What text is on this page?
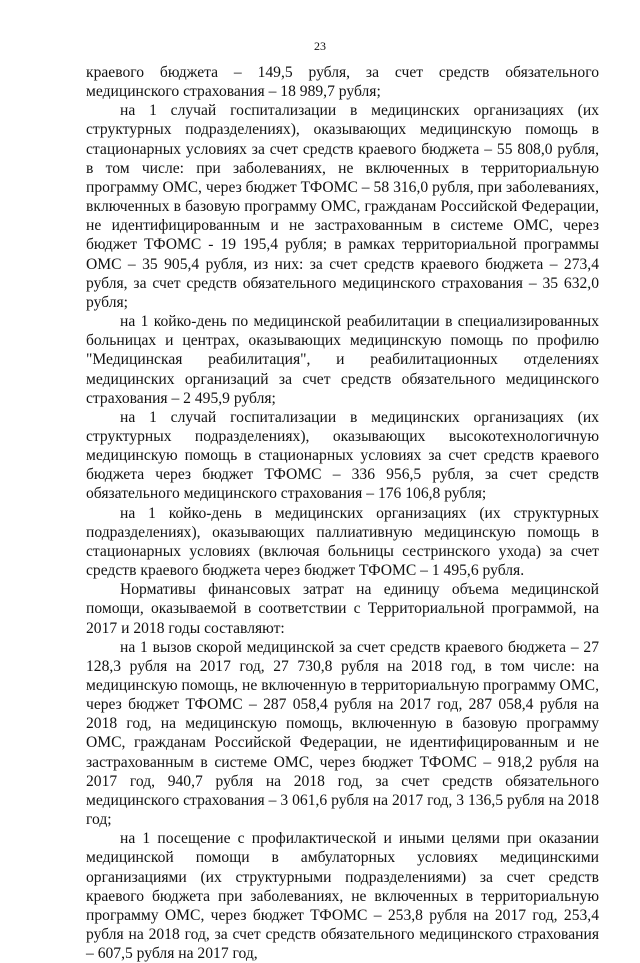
23

краевого бюджета – 149,5 рубля, за счет средств обязательного медицинского страхования – 18 989,7 рубля;

на 1 случай госпитализации в медицинских организациях (их структурных подразделениях), оказывающих медицинскую помощь в стационарных условиях за счет средств краевого бюджета – 55 808,0 рубля, в том числе: при заболеваниях, не включенных в территориальную программу ОМС, через бюджет ТФОМС – 58 316,0 рубля, при заболеваниях, включенных в базовую программу ОМС, гражданам Российской Федерации, не идентифицированным и не застрахованным в системе ОМС, через бюджет ТФОМС - 19 195,4 рубля; в рамках территориальной программы ОМС – 35 905,4 рубля, из них: за счет средств краевого бюджета – 273,4 рубля, за счет средств обязательного медицинского страхования – 35 632,0 рубля;

на 1 койко-день по медицинской реабилитации в специализированных больницах и центрах, оказывающих медицинскую помощь по профилю "Медицинская реабилитация", и реабилитационных отделениях медицинских организаций за счет средств обязательного медицинского страхования – 2 495,9 рубля;

на 1 случай госпитализации в медицинских организациях (их структурных подразделениях), оказывающих высокотехнологичную медицинскую помощь в стационарных условиях за счет средств краевого бюджета через бюджет ТФОМС – 336 956,5 рубля, за счет средств обязательного медицинского страхования – 176 106,8 рубля;

на 1 койко-день в медицинских организациях (их структурных подразделениях), оказывающих паллиативную медицинскую помощь в стационарных условиях (включая больницы сестринского ухода) за счет средств краевого бюджета через бюджет ТФОМС – 1 495,6 рубля.

Нормативы финансовых затрат на единицу объема медицинской помощи, оказываемой в соответствии с Территориальной программой, на 2017 и 2018 годы составляют:

на 1 вызов скорой медицинской за счет средств краевого бюджета – 27 128,3 рубля на 2017 год, 27 730,8 рубля на 2018 год, в том числе: на медицинскую помощь, не включенную в территориальную программу ОМС, через бюджет ТФОМС – 287 058,4 рубля на 2017 год, 287 058,4 рубля на 2018 год, на медицинскую помощь, включенную в базовую программу ОМС, гражданам Российской Федерации, не идентифицированным и не застрахованным в системе ОМС, через бюджет ТФОМС – 918,2 рубля на 2017 год, 940,7 рубля на 2018 год, за счет средств обязательного медицинского страхования – 3 061,6 рубля на 2017 год, 3 136,5 рубля на 2018 год;

на 1 посещение с профилактической и иными целями при оказании медицинской помощи в амбулаторных условиях медицинскими организациями (их структурными подразделениями) за счет средств краевого бюджета при заболеваниях, не включенных в территориальную программу ОМС, через бюджет ТФОМС – 253,8 рубля на 2017 год, 253,4 рубля на 2018 год, за счет средств обязательного медицинского страхования – 607,5 рубля на 2017 год,
